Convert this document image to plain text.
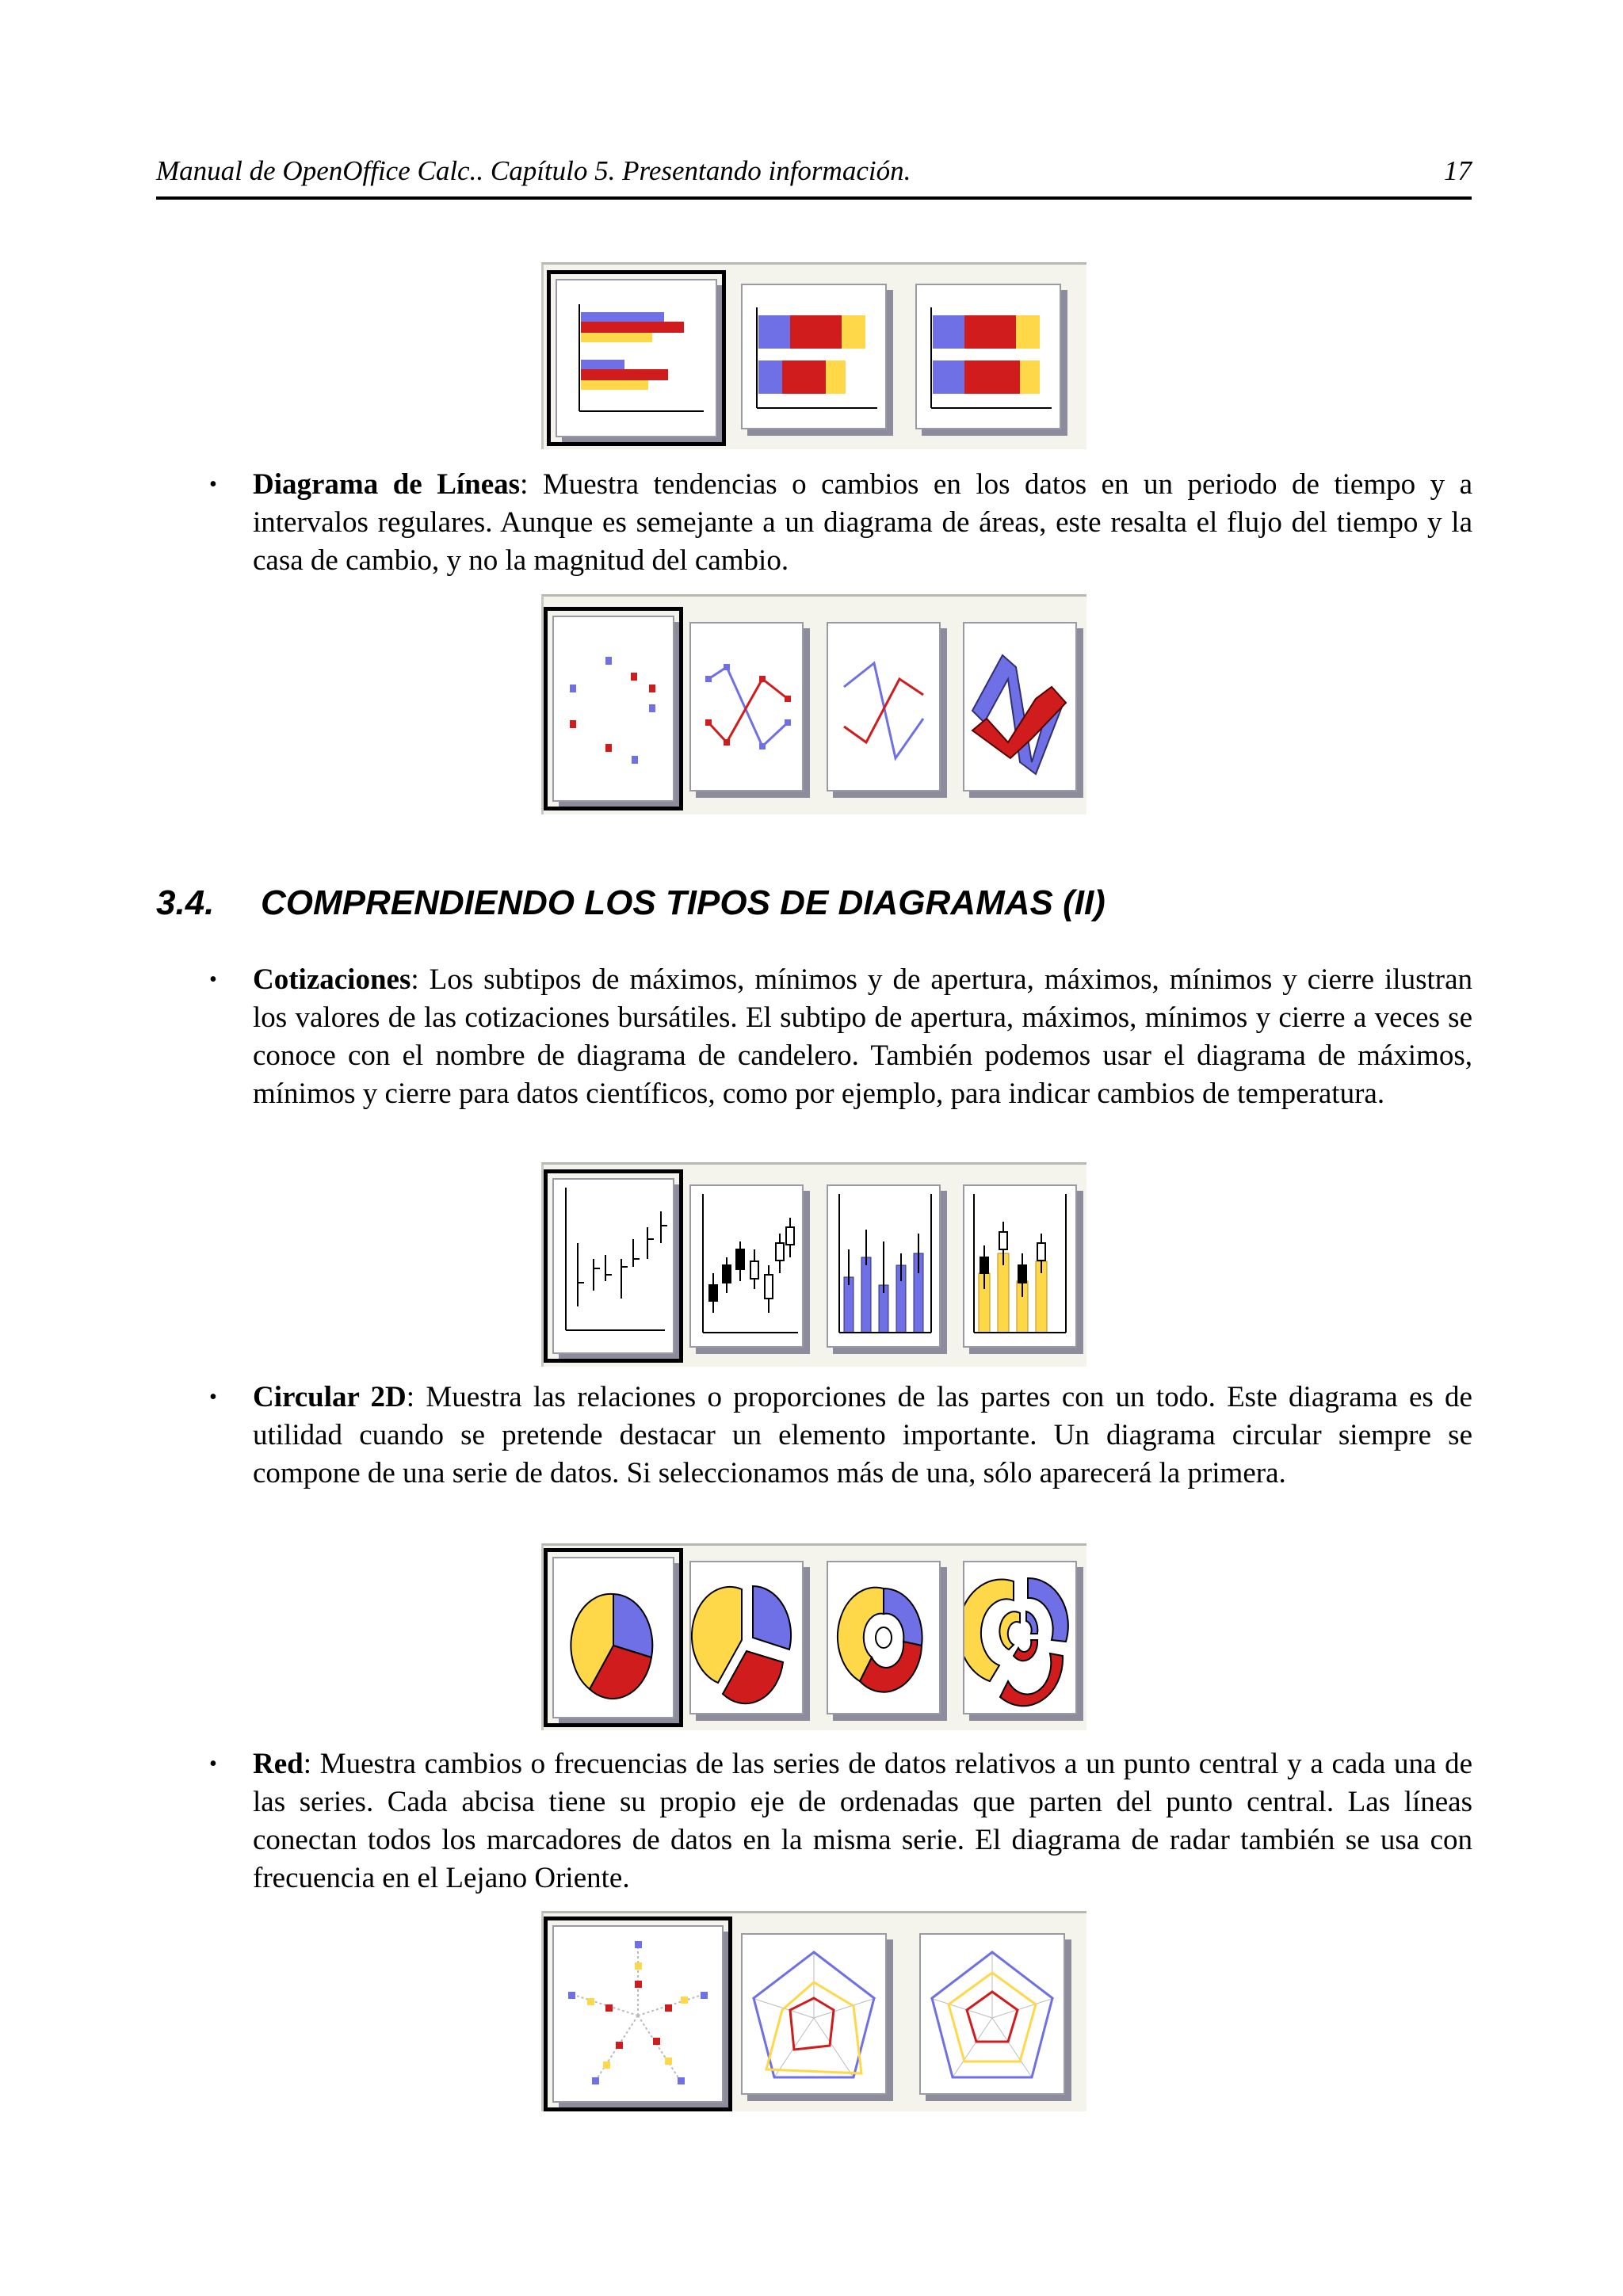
Manual de OpenOffice Calc.. Capítulo 5. Presentando información.	17
• Diagrama de Líneas: Muestra tendencias o cambios en los datos en un periodo de tiempo y a intervalos regulares. Aunque es semejante a un diagrama de áreas, este resalta el flujo del tiempo y la casa de cambio, y no la magnitud del cambio.
3.4. COMPRENDIENDO LOS TIPOS DE DIAGRAMAS (II)
• Cotizaciones: Los subtipos de máximos, mínimos y de apertura, máximos, mínimos y cierre ilustran los valores de las cotizaciones bursátiles. El subtipo de apertura, máximos, mínimos y cierre a veces se conoce con el nombre de diagrama de candelero. También podemos usar el diagrama de máximos, mínimos y cierre para datos científicos, como por ejemplo, para indicar cambios de temperatura.
• Circular 2D: Muestra las relaciones o proporciones de las partes con un todo. Este diagrama es de utilidad cuando se pretende destacar un elemento importante. Un diagrama circular siempre se compone de una serie de datos. Si seleccionamos más de una, sólo aparecerá la primera.
• Red: Muestra cambios o frecuencias de las series de datos relativos a un punto central y a cada una de las series. Cada abcisa tiene su propio eje de ordenadas que parten del punto central. Las líneas conectan todos los marcadores de datos en la misma serie. El diagrama de radar también se usa con frecuencia en el Lejano Oriente.
